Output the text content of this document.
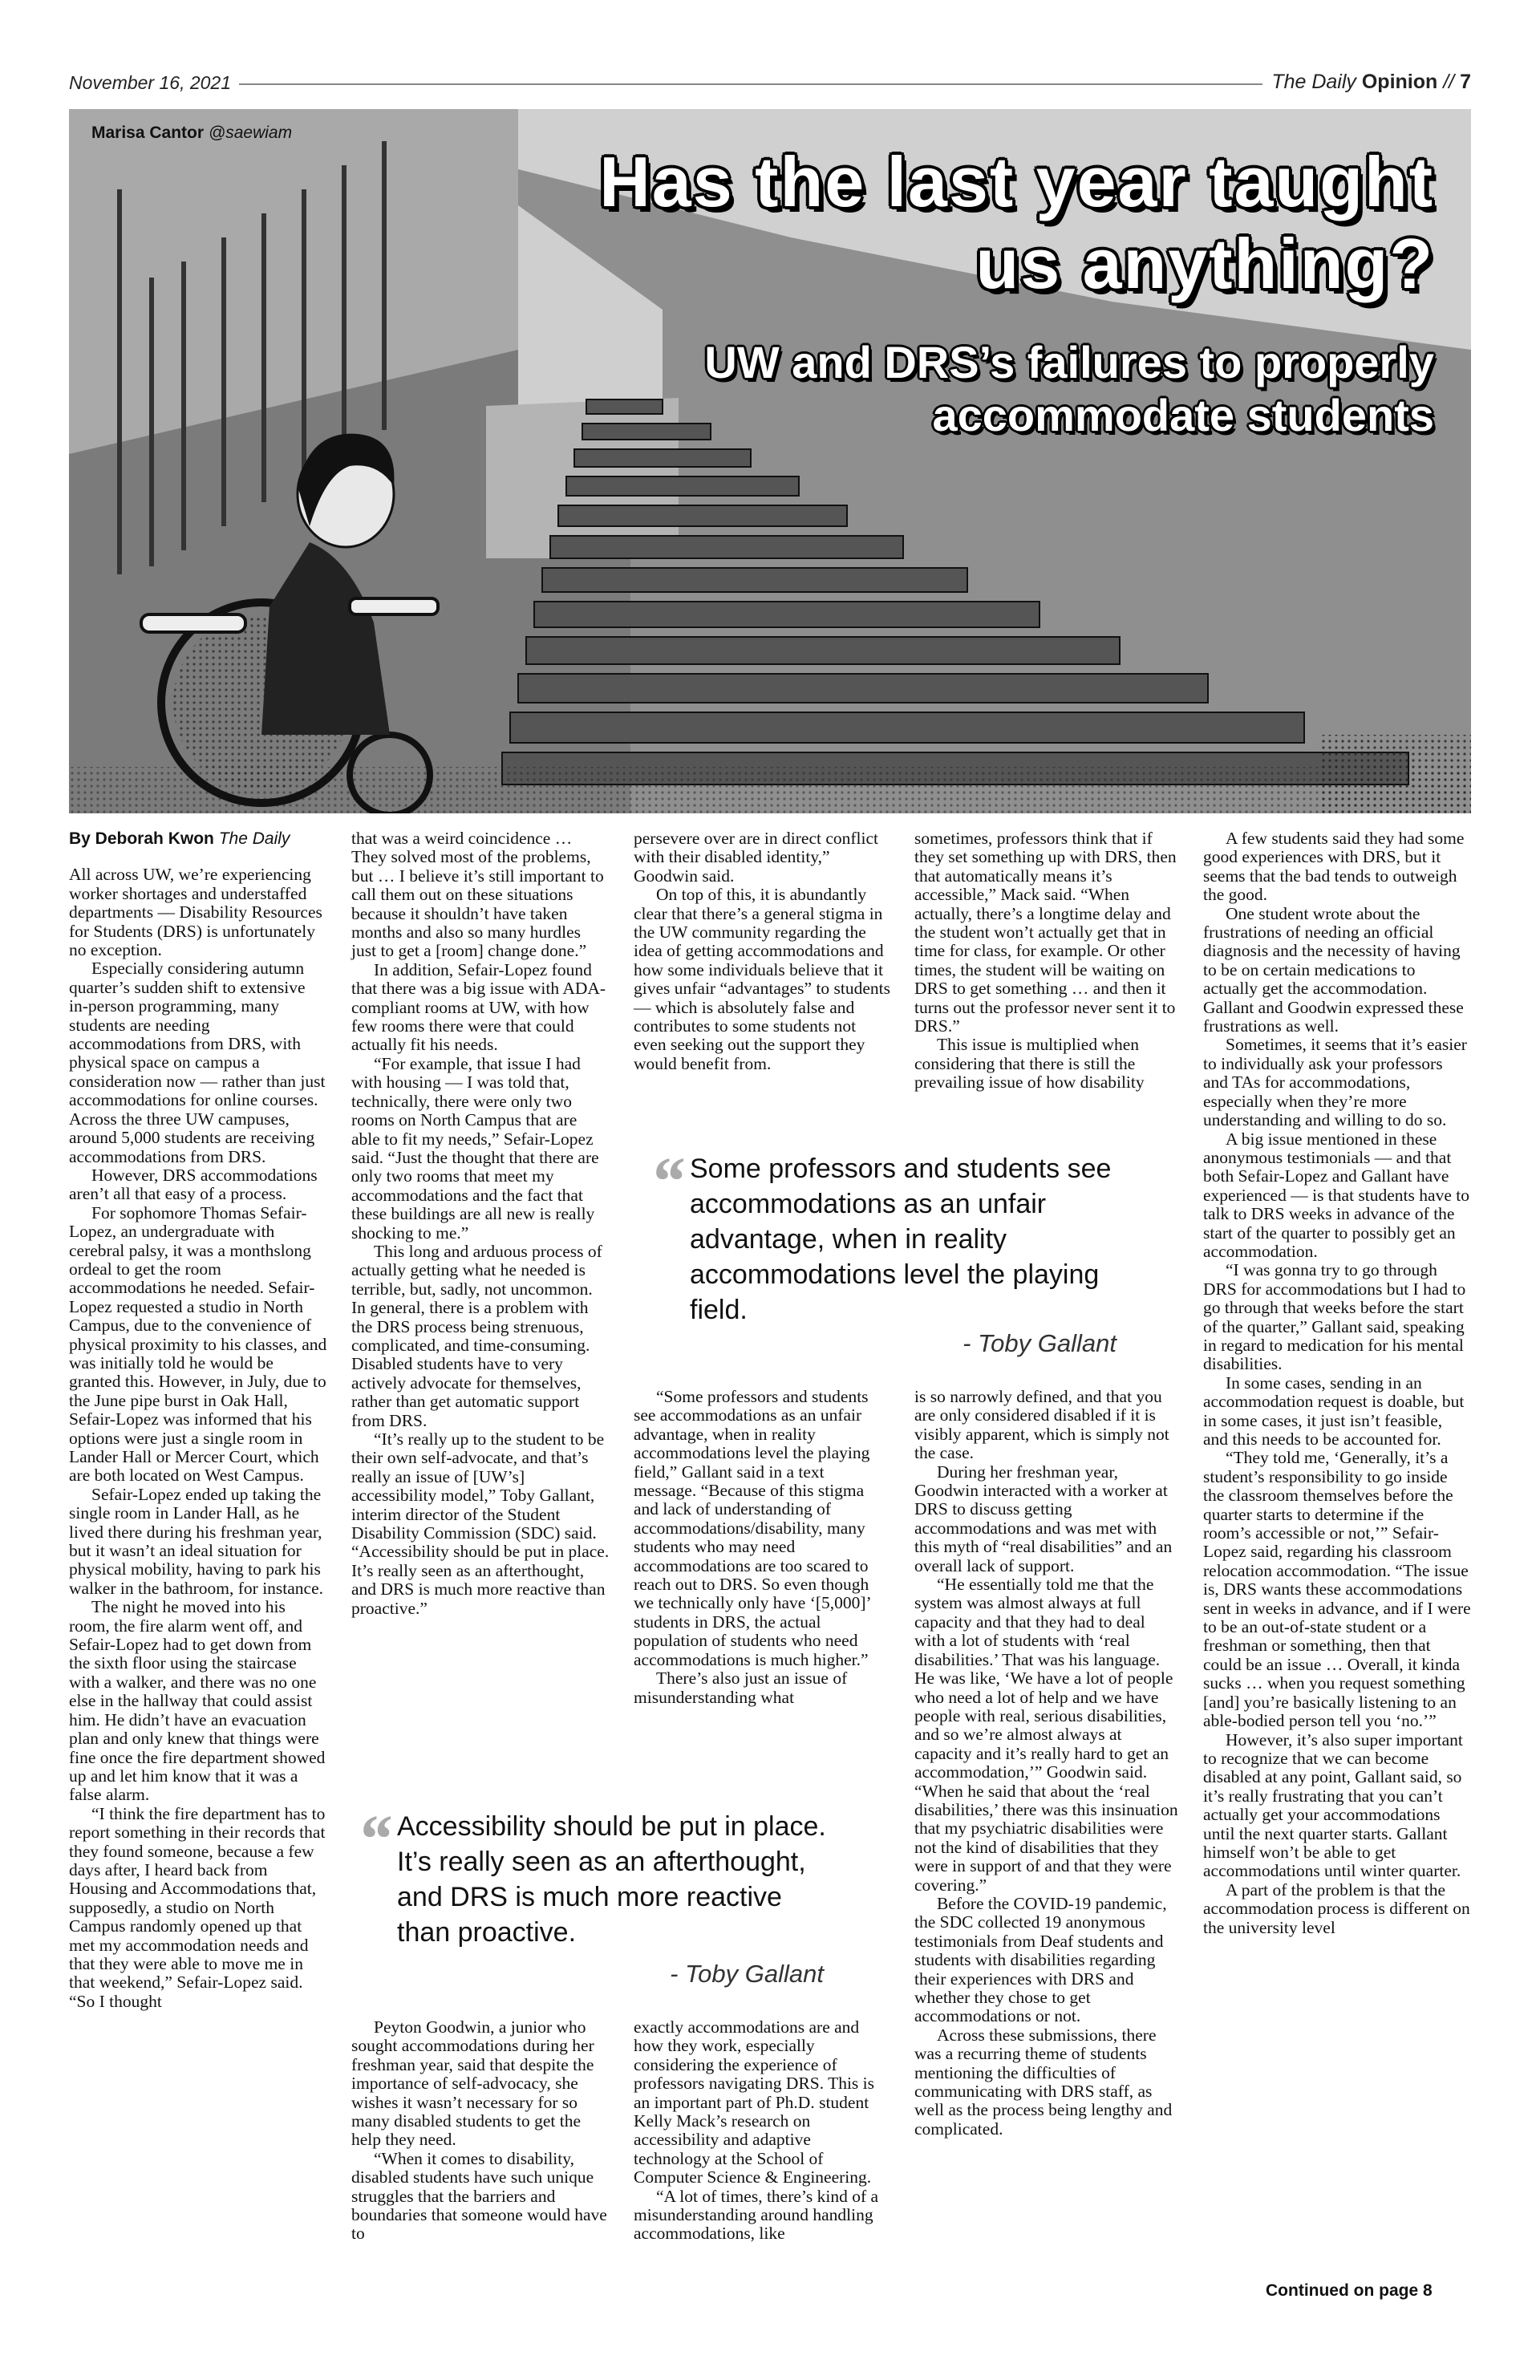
November 16, 2021	The Daily Opinion // 7
Marisa Cantor @saewiam
Has the last year taught us anything?
UW and DRS’s failures to properly accommodate students
By Deborah Kwon The Daily

All across UW, we’re experiencing worker shortages and understaffed departments –– Disability Resources for Students (DRS) is unfortunately no exception.

Especially considering autumn quarter’s sudden shift to extensive in-person programming, many students are needing accommodations from DRS, with physical space on campus a consideration now — rather than just accommodations for online courses. Across the three UW campuses, around 5,000 students are receiving accommodations from DRS.

However, DRS accommodations aren’t all that easy of a process.

For sophomore Thomas Sefair-Lopez, an undergraduate with cerebral palsy, it was a monthslong ordeal to get the room accommodations he needed. Sefair-Lopez requested a studio in North Campus, due to the convenience of physical proximity to his classes, and was initially told he would be granted this. However, in July, due to the June pipe burst in Oak Hall, Sefair-Lopez was informed that his options were just a single room in Lander Hall or Mercer Court, which are both located on West Campus.

Sefair-Lopez ended up taking the single room in Lander Hall, as he lived there during his freshman year, but it wasn’t an ideal situation for physical mobility, having to park his walker in the bathroom, for instance.

The night he moved into his room, the fire alarm went off, and Sefair-Lopez had to get down from the sixth floor using the staircase with a walker, and there was no one else in the hallway that could assist him. He didn’t have an evacuation plan and only knew that things were fine once the fire department showed up and let him know that it was a false alarm.

“I think the fire department has to report something in their records that they found someone, because a few days after, I heard back from Housing and Accommodations that, supposedly, a studio on North Campus randomly opened up that met my accommodation needs and that they were able to move me in that weekend,” Sefair-Lopez said. “So I thought

that was a weird coincidence … They solved most of the problems, but … I believe it’s still important to call them out on these situations because it shouldn’t have taken months and also so many hurdles just to get a [room] change done.”

In addition, Sefair-Lopez found that there was a big issue with ADA-compliant rooms at UW, with how few rooms there were that could actually fit his needs.

“For example, that issue I had with housing — I was told that, technically, there were only two rooms on North Campus that are able to fit my needs,” Sefair-Lopez said. “Just the thought that there are only two rooms that meet my accommodations and the fact that these buildings are all new is really shocking to me.”

This long and arduous process of actually getting what he needed is terrible, but, sadly, not uncommon. In general, there is a problem with the DRS process being strenuous, complicated, and time-consuming. Disabled students have to very actively advocate for themselves, rather than get automatic support from DRS.

“It’s really up to the student to be their own self-advocate, and that’s really an issue of [UW’s] accessibility model,” Toby Gallant, interim director of the Student Disability Commission (SDC) said. “Accessibility should be put in place. It’s really seen as an afterthought, and DRS is much more reactive than proactive.”

persevere over are in direct conflict with their disabled identity,” Goodwin said.

On top of this, it is abundantly clear that there’s a general stigma in the UW community regarding the idea of getting accommodations and how some individuals believe that it gives unfair “advantages” to students — which is absolutely false and contributes to some students not even seeking out the support they would benefit from.

sometimes, professors think that if they set something up with DRS, then that automatically means it’s accessible,” Mack said. “When actually, there’s a longtime delay and the student won’t actually get that in time for class, for example. Or other times, the student will be waiting on DRS to get something … and then it turns out the professor never sent it to DRS.”

This issue is multiplied when considering that there is still the prevailing issue of how disability

“ Some professors and students see accommodations as an unfair advantage, when in reality accommodations level the playing field.

- Toby Gallant

“Some professors and students see accommodations as an unfair advantage, when in reality accommodations level the playing field,” Gallant said in a text message. “Because of this stigma and lack of understanding of accommodations/disability, many students who may need accommodations are too scared to reach out to DRS. So even though we technically only have ‘[5,000]’ students in DRS, the actual population of students who need accommodations is much higher.”

There’s also just an issue of misunderstanding what

is so narrowly defined, and that you are only considered disabled if it is visibly apparent, which is simply not the case.

During her freshman year, Goodwin interacted with a worker at DRS to discuss getting accommodations and was met with this myth of “real disabilities” and an overall lack of support.

“He essentially told me that the system was almost always at full capacity and that they had to deal with a lot of students with ‘real disabilities.’ That was his language. He was like, ‘We have a lot of people who need a lot of help and we have people with real, serious disabilities, and so we’re almost always at capacity and it’s really hard to get an accommodation,’” Goodwin said. “When he said that about the ‘real disabilities,’ there was this insinuation that my psychiatric disabilities were not the kind of disabilities that they were in support of and that they were covering.”

Before the COVID-19 pandemic, the SDC collected 19 anonymous testimonials from Deaf students and students with disabilities regarding their experiences with DRS and whether they chose to get accommodations or not.

Across these submissions, there was a recurring theme of students mentioning the difficulties of communicating with DRS staff, as well as the process being lengthy and complicated.

“ Accessibility should be put in place. It’s really seen as an afterthought, and DRS is much more reactive than proactive.

- Toby Gallant

Peyton Goodwin, a junior who sought accommodations during her freshman year, said that despite the importance of self-advocacy, she wishes it wasn’t necessary for so many disabled students to get the help they need.

“When it comes to disability, disabled students have such unique struggles that the barriers and boundaries that someone would have to

exactly accommodations are and how they work, especially considering the experience of professors navigating DRS. This is an important part of Ph.D. student Kelly Mack’s research on accessibility and adaptive technology at the School of Computer Science & Engineering.

“A lot of times, there’s kind of a misunderstanding around handling accommodations, like

A few students said they had some good experiences with DRS, but it seems that the bad tends to outweigh the good.

One student wrote about the frustrations of needing an official diagnosis and the necessity of having to be on certain medications to actually get the accommodation. Gallant and Goodwin expressed these frustrations as well.

Sometimes, it seems that it’s easier to individually ask your professors and TAs for accommodations, especially when they’re more understanding and willing to do so.

A big issue mentioned in these anonymous testimonials — and that both Sefair-Lopez and Gallant have experienced — is that students have to talk to DRS weeks in advance of the start of the quarter to possibly get an accommodation.

“I was gonna try to go through DRS for accommodations but I had to go through that weeks before the start of the quarter,” Gallant said, speaking in regard to medication for his mental disabilities.

In some cases, sending in an accommodation request is doable, but in some cases, it just isn’t feasible, and this needs to be accounted for.

“They told me, ‘Generally, it’s a student’s responsibility to go inside the classroom themselves before the quarter starts to determine if the room’s accessible or not,’” Sefair-Lopez said, regarding his classroom relocation accommodation. “The issue is, DRS wants these accommodations sent in weeks in advance, and if I were to be an out-of-state student or a freshman or something, then that could be an issue … Overall, it kinda sucks … when you request something [and] you’re basically listening to an able-bodied person tell you ‘no.’”

However, it’s also super important to recognize that we can become disabled at any point, Gallant said, so it’s really frustrating that you can’t actually get your accommodations until the next quarter starts. Gallant himself won’t be able to get accommodations until winter quarter.

A part of the problem is that the accommodation process is different on the university level

Continued on page 8
